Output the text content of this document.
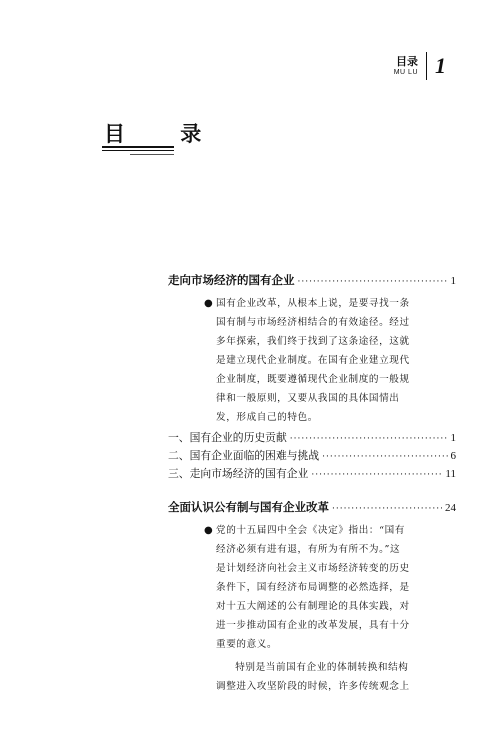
目录
MU LU 1
目 录
走向市场经济的国有企业 ·····	1
● 国有企业改革，从根本上说，是要寻找一条
国有制与市场经济相结合的有效途径。经过
多年探索，我们终于找到了这条途径，这就
是建立现代企业制度。在国有企业建立现代
企业制度，既要遵循现代企业制度的一般规
律和一般原则，又要从我国的具体国情出
发，形成自己的特色。
一、国有企业的历史贡献 ·····	1
二、国有企业面临的困难与挑战 ·····	6
三、走向市场经济的国有企业 ·····	11
全面认识公有制与国有企业改革 ·····	24
● 党的十五届四中全会《决定》指出：“国有
经济必须有进有退，有所为有所不为。”这
是计划经济向社会主义市场经济转变的历史
条件下，国有经济布局调整的必然选择，是
对十五大阐述的公有制理论的具体实践，对
进一步推动国有企业的改革发展，具有十分
重要的意义。
特别是当前国有企业的体制转换和结构
调整进入攻坚阶段的时候，许多传统观念上
